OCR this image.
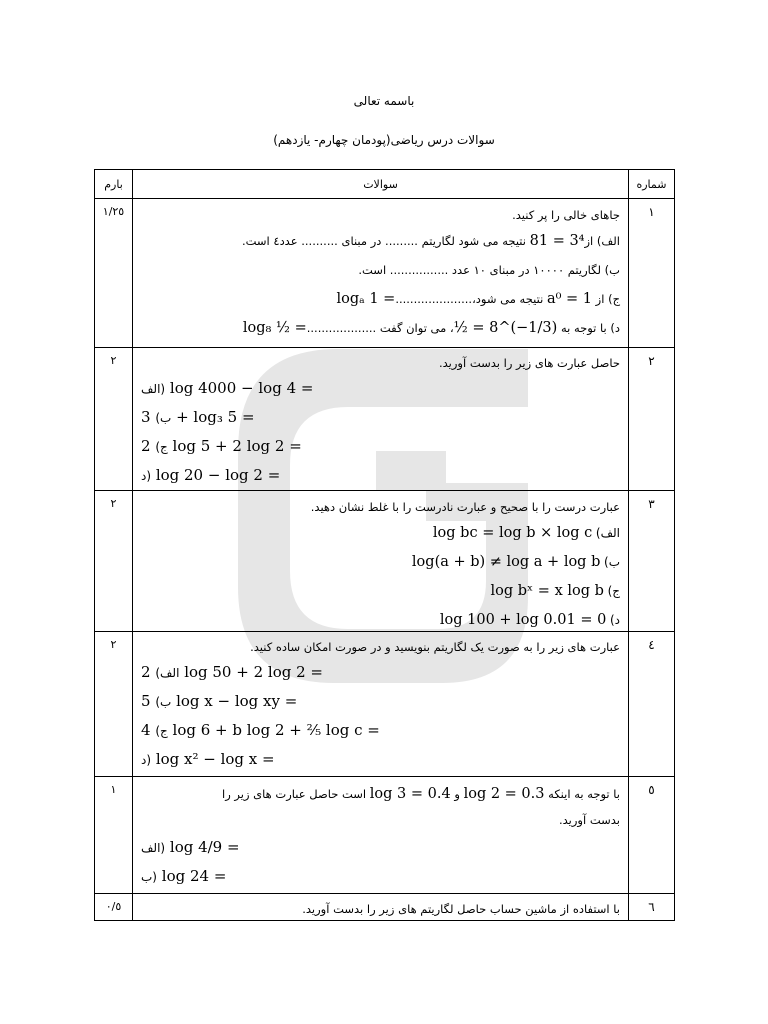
باسمه تعالی
سوالات درس ریاضی(پودمان چهارم- یازدهم)
بارم	سوالات	شماره
١/٢٥	جاهای خالی را پر کنید.
الف) از81 = 3⁴ نتیجه می شود لگاریتم ......... در مبنای .......... عدد٤ است.
ب) لگاریتم ١٠٠٠٠ در مبنای ١٠ عدد ................ است.
ج) از a⁰ = 1 نتیجه می شود،.....................logₐ 1 =
د) با توجه به ½ = 8^(−1/3)، می توان گفت ...................log₈ ½ =	١
٢	حاصل عبارت های زیر را بدست آورید.
الف) log 4000 − log 4 =
ب) 3 + log₃ 5 =
ج) 2 log 5 + 2 log 2 =
د) log 20 − log 2 =	٢
٢	عبارت درست را با صحیح و عبارت نادرست را با غلط نشان دهید.
الف) log bc = log b × log c
ب) log(a + b) ≠ log a + log b
ج) log bˣ = x log b
د) log 100 + log 0.01 = 0	٣
٢	عبارت های زیر را به صورت یک لگاریتم بنویسید و در صورت امکان ساده کنید.
الف) 2 log 50 + 2 log 2 =
ب) 5 log x − log xy =
ج) 4 log 6 + b log 2 + ⅖ log c =
د) log x² − log x =	٤
١	با توجه به اینکه log 2 = 0.3 و log 3 = 0.4 است حاصل عبارت های زیر را
بدست آورید.
الف) log 4/9 =
ب) log 24 =	٥
٠/٥	با استفاده از ماشین حساب حاصل لگاریتم های زیر را بدست آورید.	٦
